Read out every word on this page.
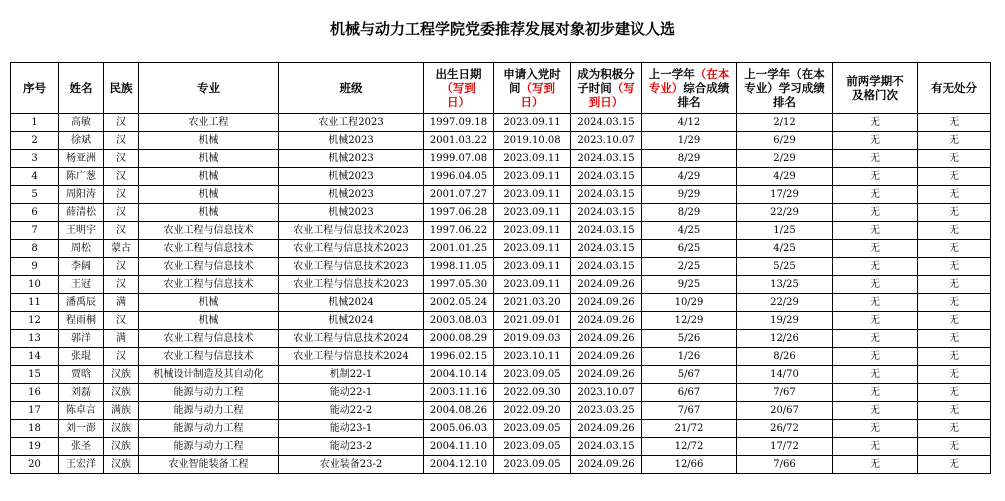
机械与动力工程学院党委推荐发展对象初步建议人选
序号	姓名	民族	专业	班级	出生日期
（写到
日）	申请入党时
间（写到
日）	成为积极分
子时间（写
到日）	上一学年（在本
专业）综合成绩
排名	上一学年（在本
专业）学习成绩
排名	前两学期不
及格门次	有无处分
1	高敏	汉	农业工程	农业工程2023	1997.09.18	2023.09.11	2024.03.15	4/12	2/12	无	无
2	徐斌	汉	机械	机械2023	2001.03.22	2019.10.08	2023.10.07	1/29	6/29	无	无
3	杨亚洲	汉	机械	机械2023	1999.07.08	2023.09.11	2024.03.15	8/29	2/29	无	无
4	陈广葱	汉	机械	机械2023	1996.04.05	2023.09.11	2024.03.15	4/29	4/29	无	无
5	周阳涛	汉	机械	机械2023	2001.07.27	2023.09.11	2024.03.15	9/29	17/29	无	无
6	薛清松	汉	机械	机械2023	1997.06.28	2023.09.11	2024.03.15	8/29	22/29	无	无
7	王明宇	汉	农业工程与信息技术	农业工程与信息技术2023	1997.06.22	2023.09.11	2024.03.15	4/25	1/25	无	无
8	周松	蒙古	农业工程与信息技术	农业工程与信息技术2023	2001.01.25	2023.09.11	2024.03.15	6/25	4/25	无	无
9	李阔	汉	农业工程与信息技术	农业工程与信息技术2023	1998.11.05	2023.09.11	2024.03.15	2/25	5/25	无	无
10	王冠	汉	农业工程与信息技术	农业工程与信息技术2023	1997.05.30	2023.09.11	2024.09.26	9/25	13/25	无	无
11	潘禹辰	满	机械	机械2024	2002.05.24	2021.03.20	2024.09.26	10/29	22/29	无	无
12	程雨桐	汉	机械	机械2024	2003.08.03	2021.09.01	2024.09.26	12/29	19/29	无	无
13	郭洋	满	农业工程与信息技术	农业工程与信息技术2024	2000.08.29	2019.09.03	2024.09.26	5/26	12/26	无	无
14	张琨	汉	农业工程与信息技术	农业工程与信息技术2024	1996.02.15	2023.10.11	2024.09.26	1/26	8/26	无	无
15	贾晗	汉族	机械设计制造及其自动化	机制22-1	2004.10.14	2023.09.05	2024.09.26	5/67	14/70	无	无
16	刘磊	汉族	能源与动力工程	能动22-1	2003.11.16	2022.09.30	2023.10.07	6/67	7/67	无	无
17	陈卓言	满族	能源与动力工程	能动22-2	2004.08.26	2022.09.20	2023.03.25	7/67	20/67	无	无
18	刘一澎	汉族	能源与动力工程	能动23-1	2005.06.03	2023.09.05	2024.09.26	21/72	26/72	无	无
19	张圣	汉族	能源与动力工程	能动23-2	2004.11.10	2023.09.05	2024.03.15	12/72	17/72	无	无
20	王宏洋	汉族	农业智能装备工程	农业装备23-2	2004.12.10	2023.09.05	2024.09.26	12/66	7/66	无	无
